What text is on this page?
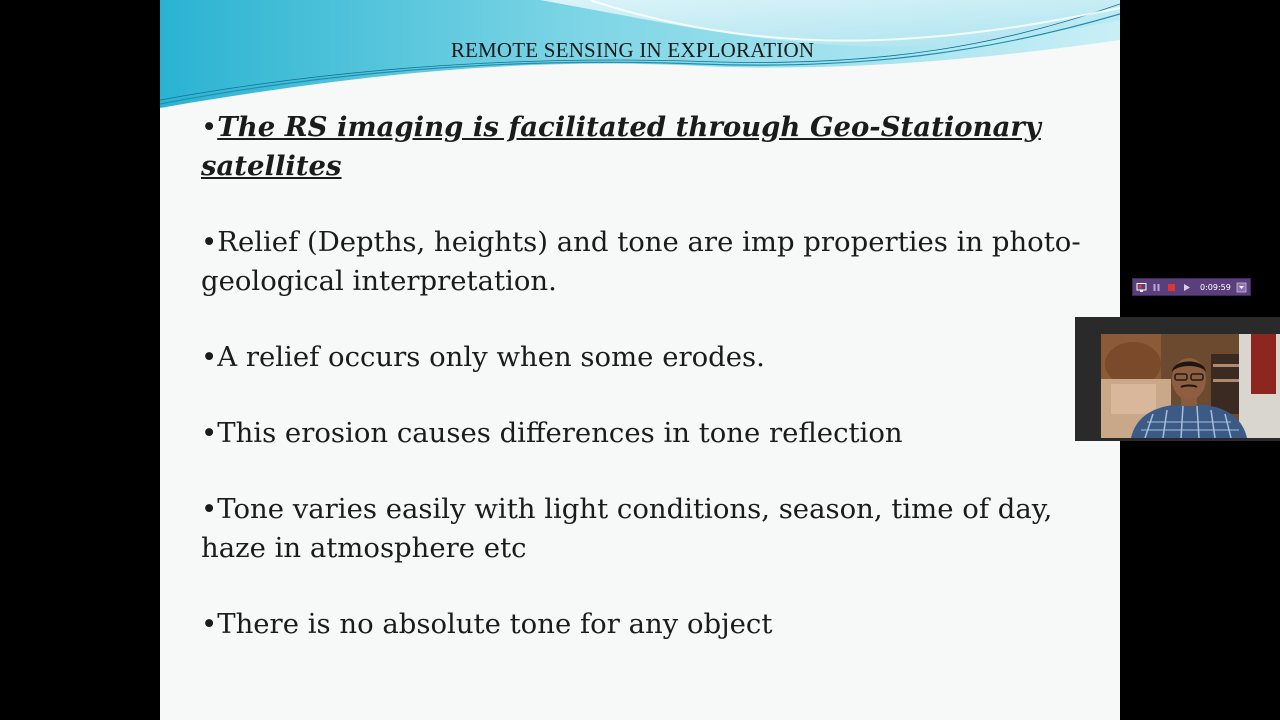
REMOTE SENSING IN EXPLORATION
•The RS imaging is facilitated through Geo-Stationary satellites
•Relief (Depths, heights) and tone are imp properties in photo-geological interpretation.
•A relief occurs only when some erodes.
•This erosion causes differences in tone reflection
•Tone varies easily with light conditions, season, time of day, haze in atmosphere etc
•There is no absolute tone for any object
0:09:59
